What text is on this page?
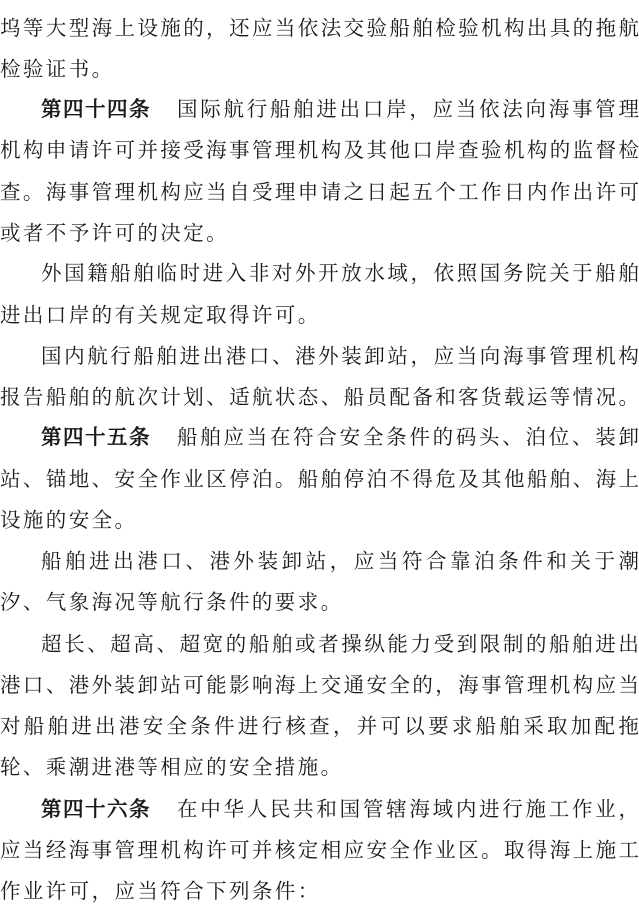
坞 等 大 型 海 上 设 施 的 ， 还 应 当 依 法 交 验 船 舶 检 验 机 构 出 具 的 拖 航
检验证书。
第四十四条 国 际 航 行 船 舶 进 出 口 岸 ， 应 当 依 法 向 海 事 管 理
机 构 申 请 许 可 并 接 受 海 事 管 理 机 构 及 其 他 口 岸 查 验 机 构 的 监 督 检
查 。 海 事 管 理 机 构 应 当 自 受 理 申 请 之 日 起 五 个 工 作 日 内 作 出 许 可
或者不予许可的决定。
外 国 籍 船 舶 临 时 进 入 非 对 外 开 放 水 域 ， 依 照 国 务 院 关 于 船 舶
进出口岸的有关规定取得许可。
国 内 航 行 船 舶 进 出 港 口 、 港 外 装 卸 站 ， 应 当 向 海 事 管 理 机 构
报 告 船 舶 的 航 次 计 划 、 适 航 状 态 、 船 员 配 备 和 客 货 载 运 等 情 况 。
第四十五条 船 舶 应 当 在 符 合 安 全 条 件 的 码 头 、 泊 位 、 装 卸
站 、 锚 地 、 安 全 作 业 区 停 泊 。 船 舶 停 泊 不 得 危 及 其 他 船 舶 、 海 上
设施的安全。
船 舶 进 出 港 口 、 港 外 装 卸 站 ， 应 当 符 合 靠 泊 条 件 和 关 于 潮
汐、气象海况等航行条件的要求。
超 长 、 超 高 、 超 宽 的 船 舶 或 者 操 纵 能 力 受 到 限 制 的 船 舶 进 出
港 口 、 港 外 装 卸 站 可 能 影 响 海 上 交 通 安 全 的 ， 海 事 管 理 机 构 应 当
对 船 舶 进 出 港 安 全 条 件 进 行 核 查 ， 并 可 以 要 求 船 舶 采 取 加 配 拖
轮、乘潮进港等相应的安全措施。
第四十六条 在 中 华 人 民 共 和 国 管 辖 海 域 内 进 行 施 工 作 业 ，
应 当 经 海 事 管 理 机 构 许 可 并 核 定 相 应 安 全 作 业 区 。 取 得 海 上 施 工
作业许可，应当符合下列条件：
